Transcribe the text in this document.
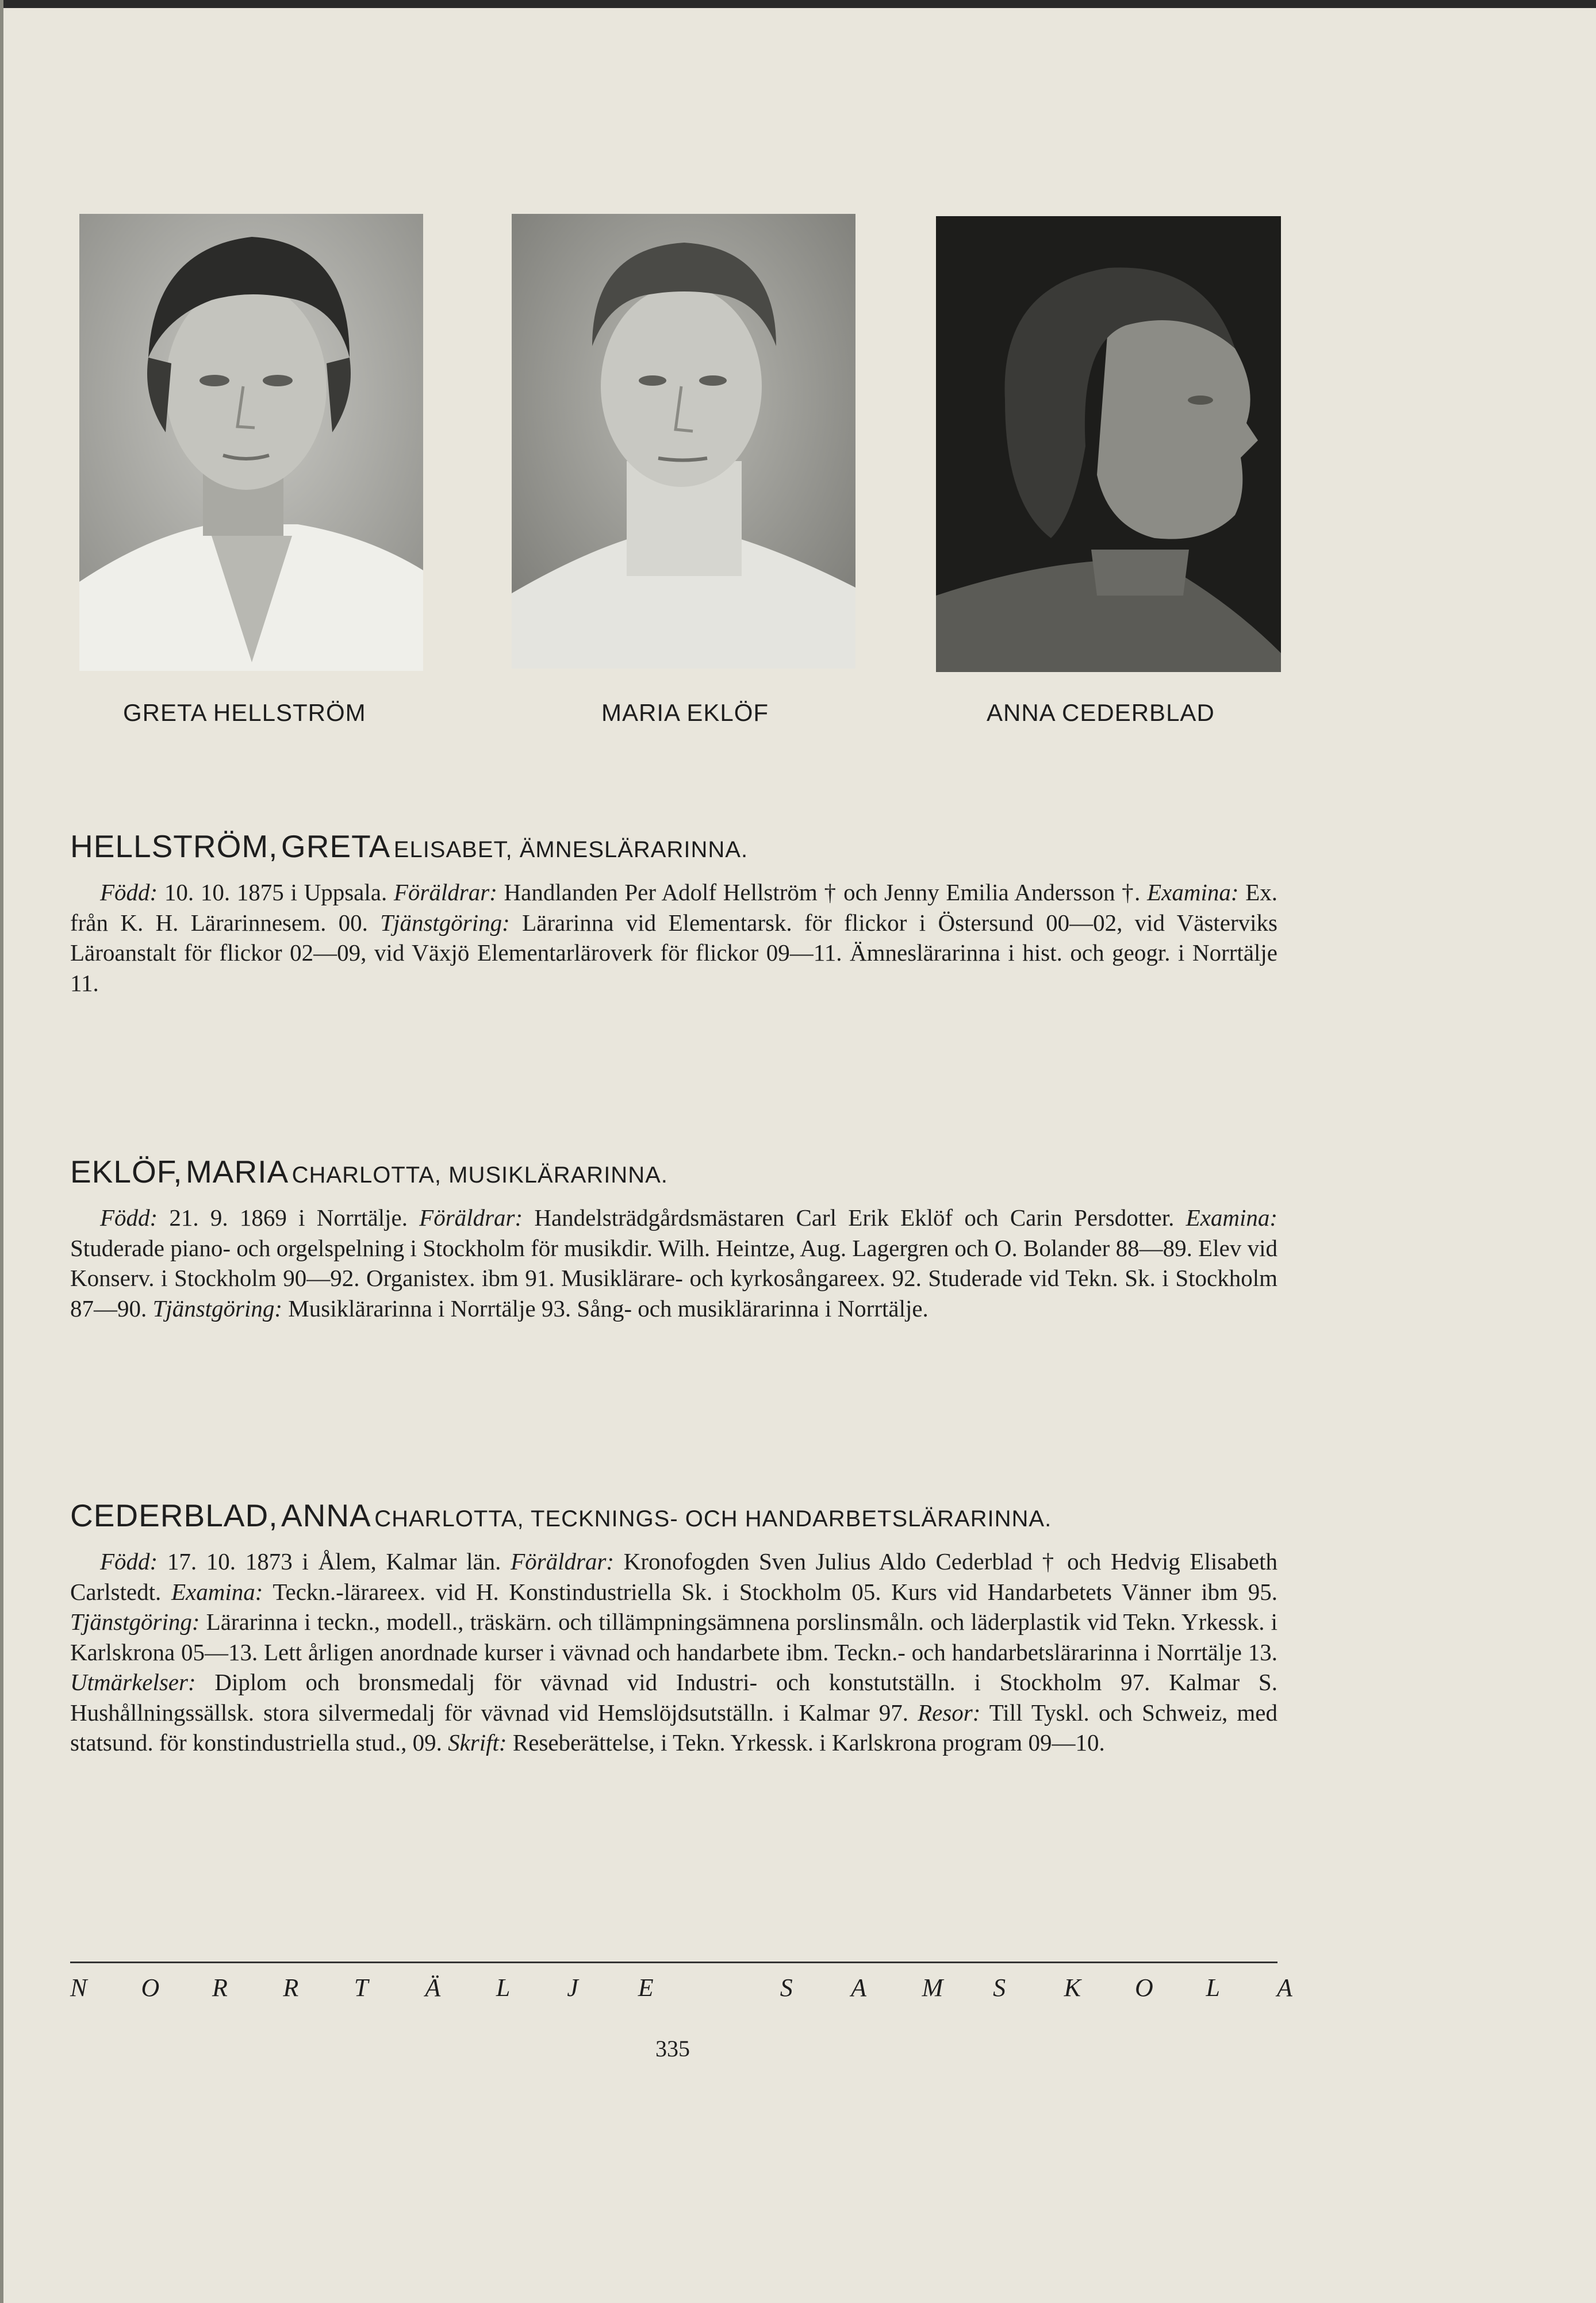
GRETA HELLSTRÖM	MARIA EKLÖF	ANNA CEDERBLAD
HELLSTRÖM, GRETA ELISABET, ÄMNESLÄRARINNA.
Född: 10. 10. 1875 i Uppsala. Föräldrar: Handlanden Per Adolf Hellström † och Jenny Emilia Andersson †. Examina: Ex. från K. H. Lärarinnesem. 00. Tjänstgöring: Lärarinna vid Elementarsk. för flickor i Östersund 00—02, vid Västerviks Läroanstalt för flickor 02—09, vid Växjö Elementarläroverk för flickor 09—11. Ämneslärarinna i hist. och geogr. i Norrtälje 11.
EKLÖF, MARIA CHARLOTTA, MUSIKLÄRARINNA.
Född: 21. 9. 1869 i Norrtälje. Föräldrar: Handelsträdgårdsmästaren Carl Erik Eklöf och Carin Persdotter. Examina: Studerade piano- och orgelspelning i Stockholm för musikdir. Wilh. Heintze, Aug. Lagergren och O. Bolander 88—89. Elev vid Konserv. i Stockholm 90—92. Organistex. ibm 91. Musiklärare- och kyrkosångareex. 92. Studerade vid Tekn. Sk. i Stockholm 87—90. Tjänstgöring: Musiklärarinna i Norrtälje 93. Sång- och musiklärarinna i Norrtälje.
CEDERBLAD, ANNA CHARLOTTA, TECKNINGS- OCH HANDARBETSLÄRARINNA.
Född: 17. 10. 1873 i Ålem, Kalmar län. Föräldrar: Kronofogden Sven Julius Aldo Cederblad † och Hedvig Elisabeth Carlstedt. Examina: Teckn.-lärareex. vid H. Konstindustriella Sk. i Stockholm 05. Kurs vid Handarbetets Vänner ibm 95. Tjänstgöring: Lärarinna i teckn., modell., träskärn. och tillämpningsämnena porslinsmåln. och läderplastik vid Tekn. Yrkessk. i Karlskrona 05—13. Lett årligen anordnade kurser i vävnad och handarbete ibm. Teckn.- och handarbetslärarinna i Norrtälje 13. Utmärkelser: Diplom och bronsmedalj för vävnad vid Industri- och konstutställn. i Stockholm 97. Kalmar S. Hushållningssällsk. stora silvermedalj för vävnad vid Hemslöjdsutställn. i Kalmar 97. Resor: Till Tyskl. och Schweiz, med statsund. för konstindustriella stud., 09. Skrift: Reseberättelse, i Tekn. Yrkessk. i Karlskrona program 09—10.
N O R R T Ä L J E	S A M S K O L A
335
